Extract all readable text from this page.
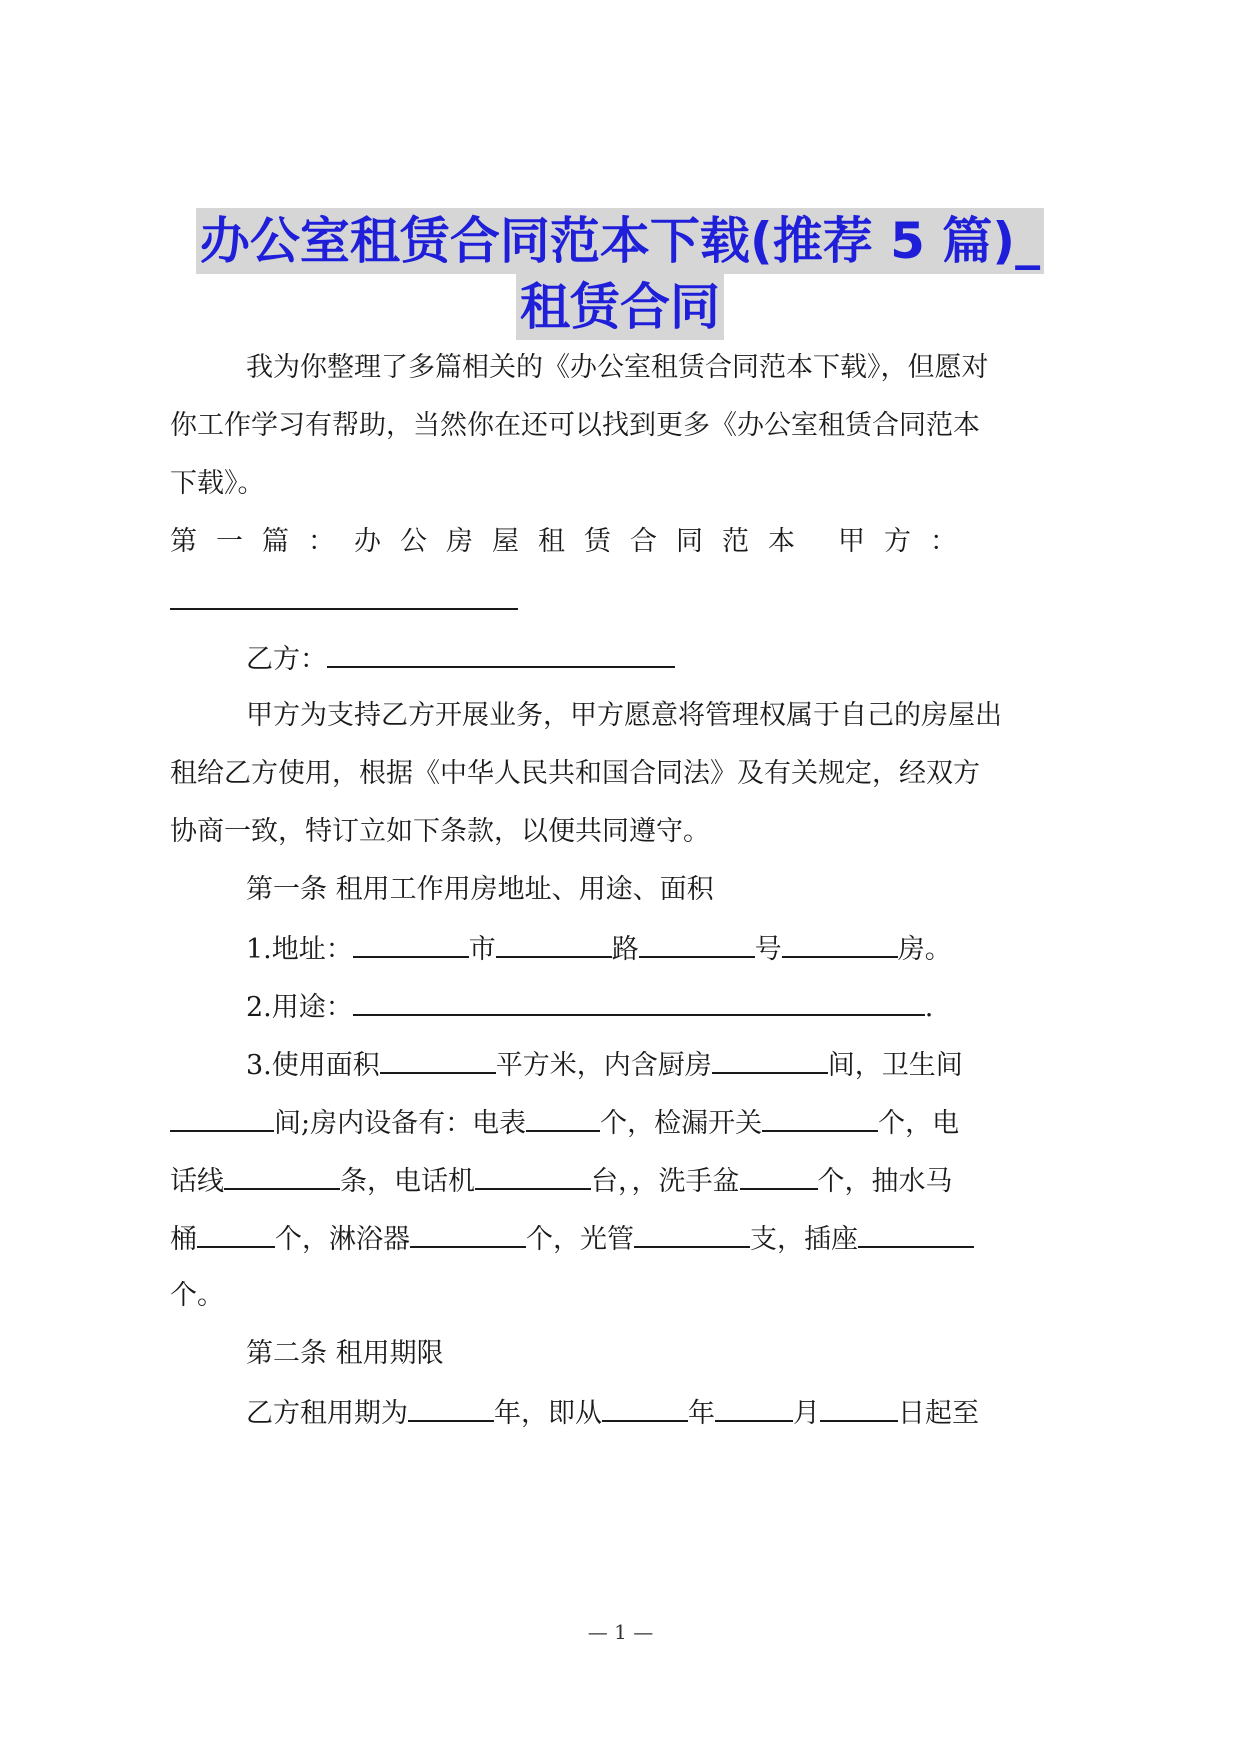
办公室租赁合同范本下载(推荐 5 篇)_
租赁合同
我为你整理了多篇相关的《办公室租赁合同范本下载》，但愿对
你工作学习有帮助，当然你在还可以找到更多《办公室租赁合同范本
下载》。
第一篇：办公房屋租赁合同范本 甲方：
乙方：
甲方为支持乙方开展业务，甲方愿意将管理权属于自己的房屋出
租给乙方使用，根据《中华人民共和国合同法》及有关规定，经双方
协商一致，特订立如下条款，以便共同遵守。
第一条 租用工作用房地址、用途、面积
1.地址：	市	路	号	房。
2.用途：	.
3.使用面积	平方米，内含厨房	间，卫生间
间;房内设备有：电表	个，检漏开关	个，电
话线	条，电话机	台，，洗手盆	个，抽水马
桶	个，淋浴器	个，光管	支，插座
个。
第二条 租用期限
乙方租用期为	年，即从	年	月	日起至
— 1 —
